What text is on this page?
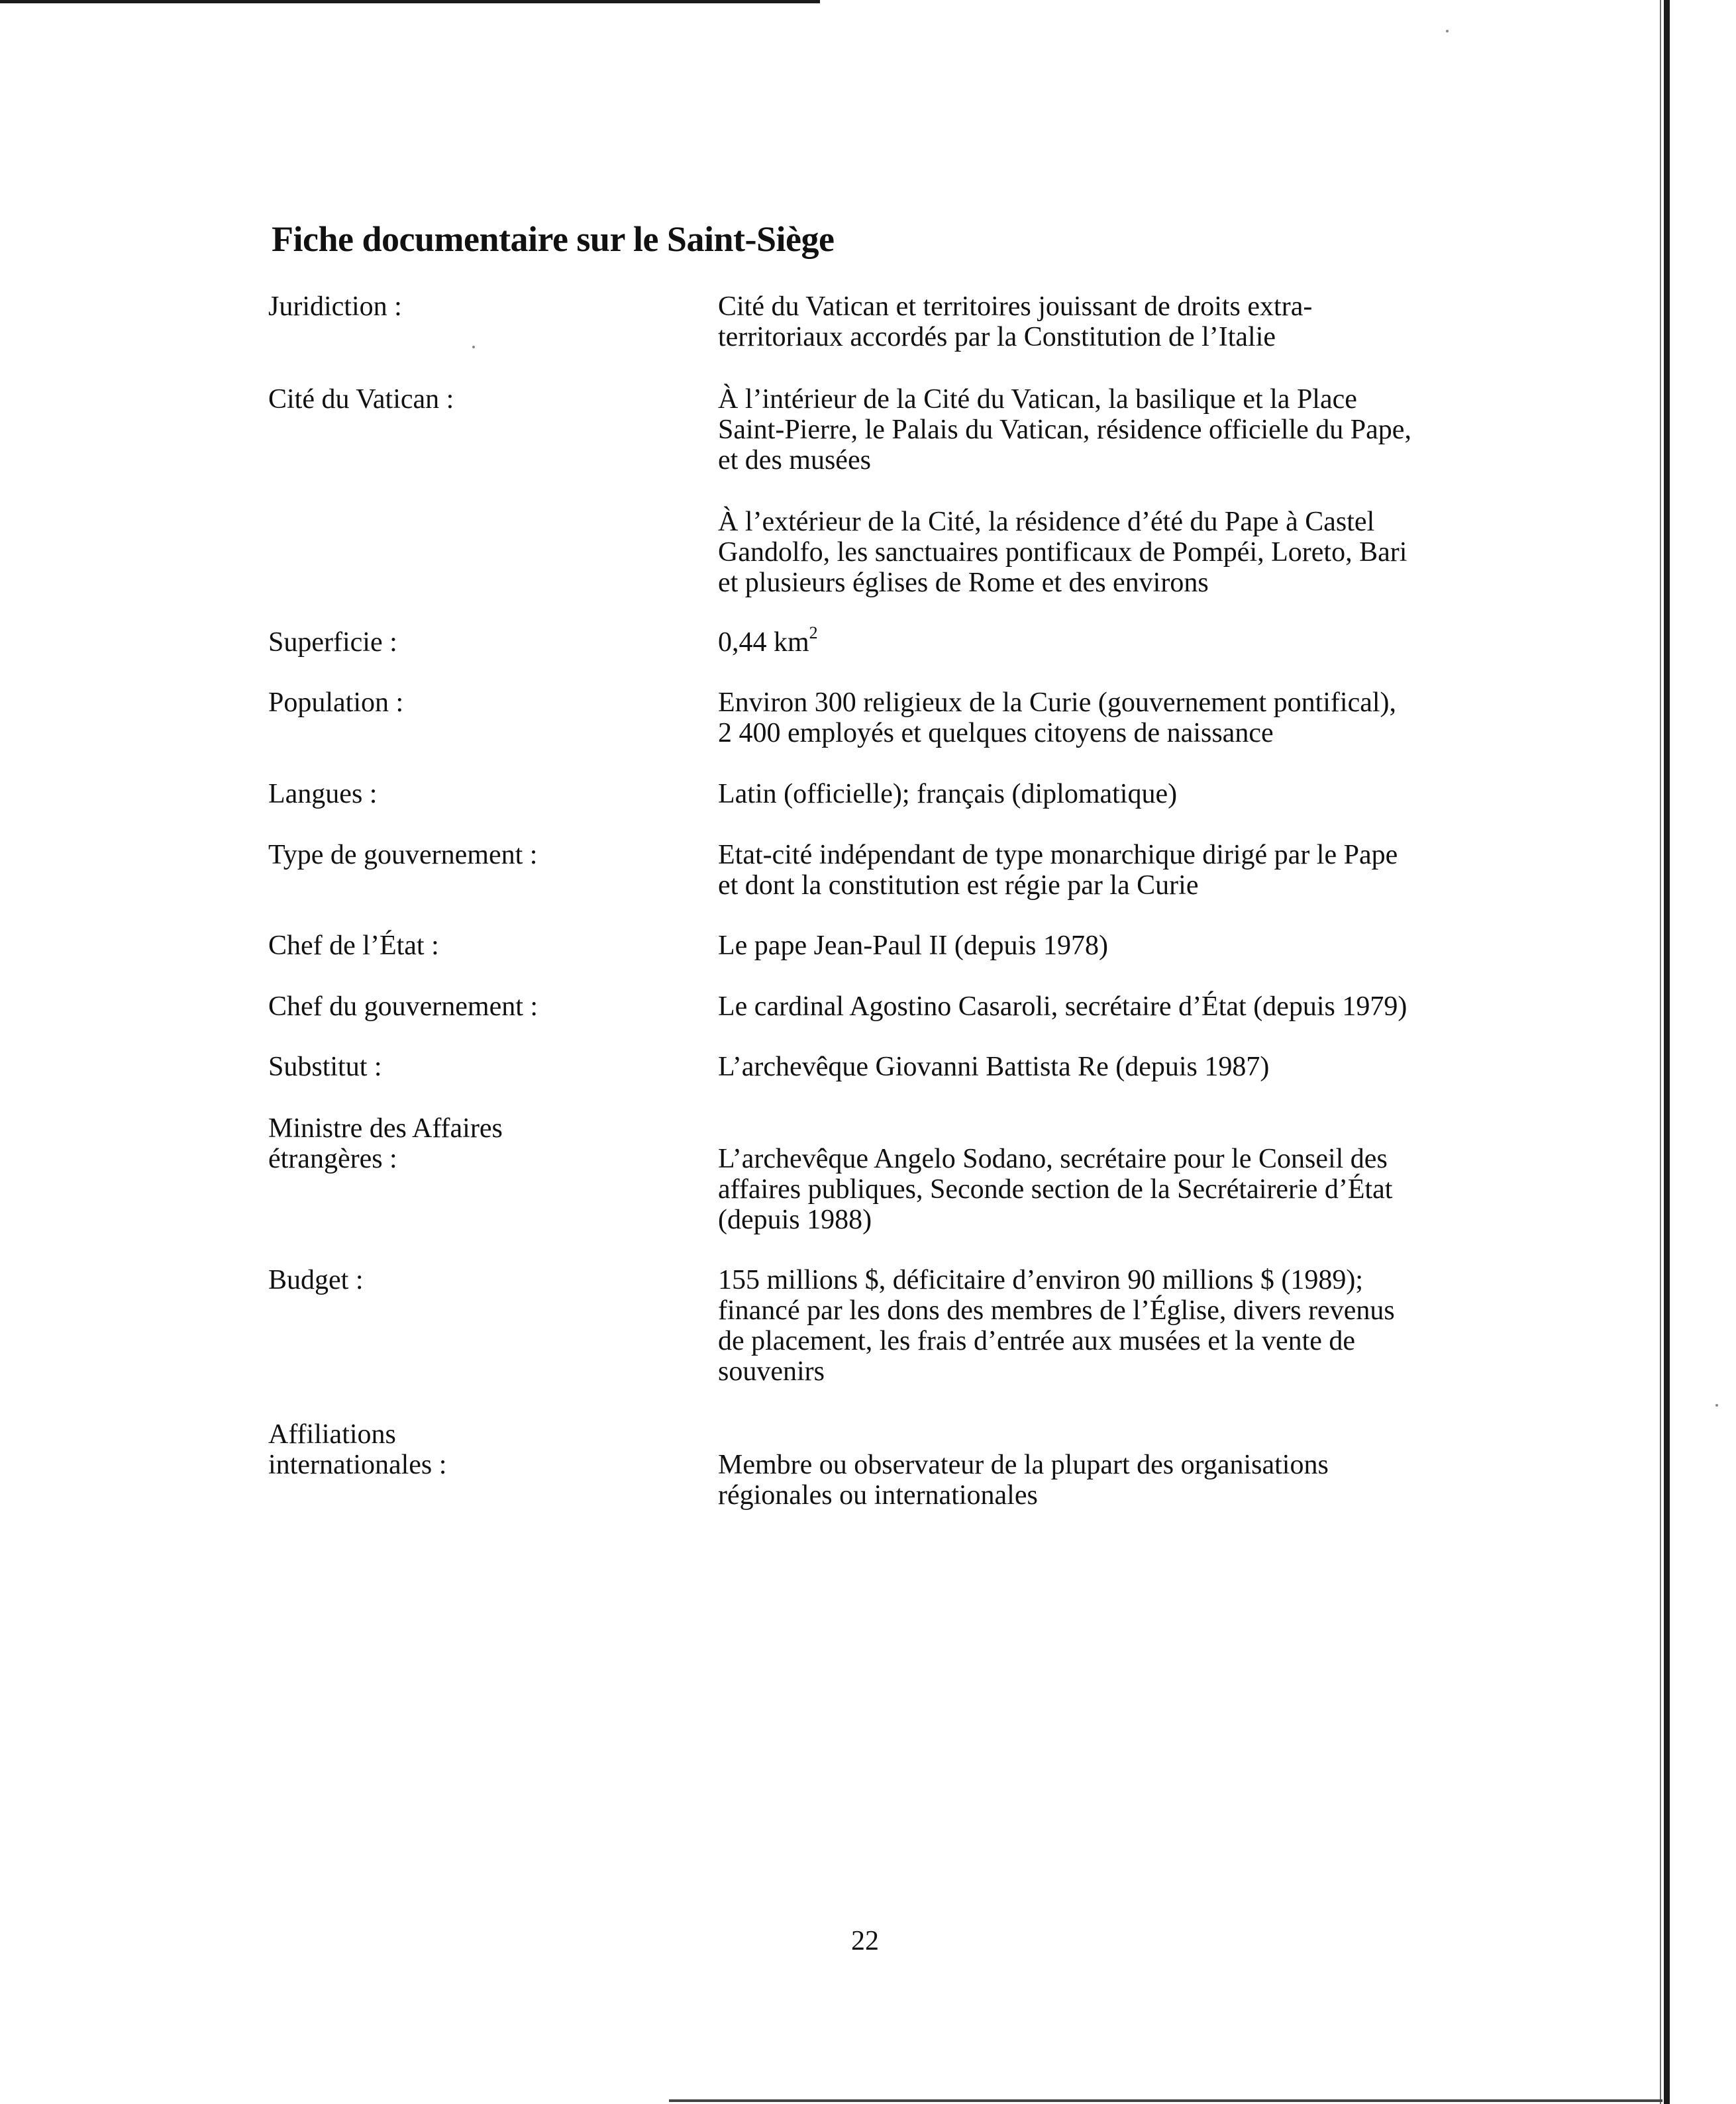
Fiche documentaire sur le Saint-Siège
Juridiction :	Cité du Vatican et territoires jouissant de droits extra-
territoriaux accordés par la Constitution de l’Italie
Cité du Vatican :	À l’intérieur de la Cité du Vatican, la basilique et la Place
Saint-Pierre, le Palais du Vatican, résidence officielle du Pape,
et des musées
À l’extérieur de la Cité, la résidence d’été du Pape à Castel
Gandolfo, les sanctuaires pontificaux de Pompéi, Loreto, Bari
et plusieurs églises de Rome et des environs
Superficie :	0,44 $km^2$
Population :	Environ 300 religieux de la Curie (gouvernement pontifical),
2 400 employés et quelques citoyens de naissance
Langues :	Latin (officielle); français (diplomatique)
Type de gouvernement :	Etat-cité indépendant de type monarchique dirigé par le Pape
et dont la constitution est régie par la Curie
Chef de l’État :	Le pape Jean-Paul II (depuis 1978)
Chef du gouvernement :	Le cardinal Agostino Casaroli, secrétaire d’État (depuis 1979)
Substitut :	L’archevêque Giovanni Battista Re (depuis 1987)
Ministre des Affaires
étrangères :	L’archevêque Angelo Sodano, secrétaire pour le Conseil des
affaires publiques, Seconde section de la Secrétairerie d’État
(depuis 1988)
Budget :	155 millions $, déficitaire d’environ 90 millions $ (1989);
financé par les dons des membres de l’Église, divers revenus
de placement, les frais d’entrée aux musées et la vente de
souvenirs
Affiliations
internationales :	Membre ou observateur de la plupart des organisations
régionales ou internationales
22
